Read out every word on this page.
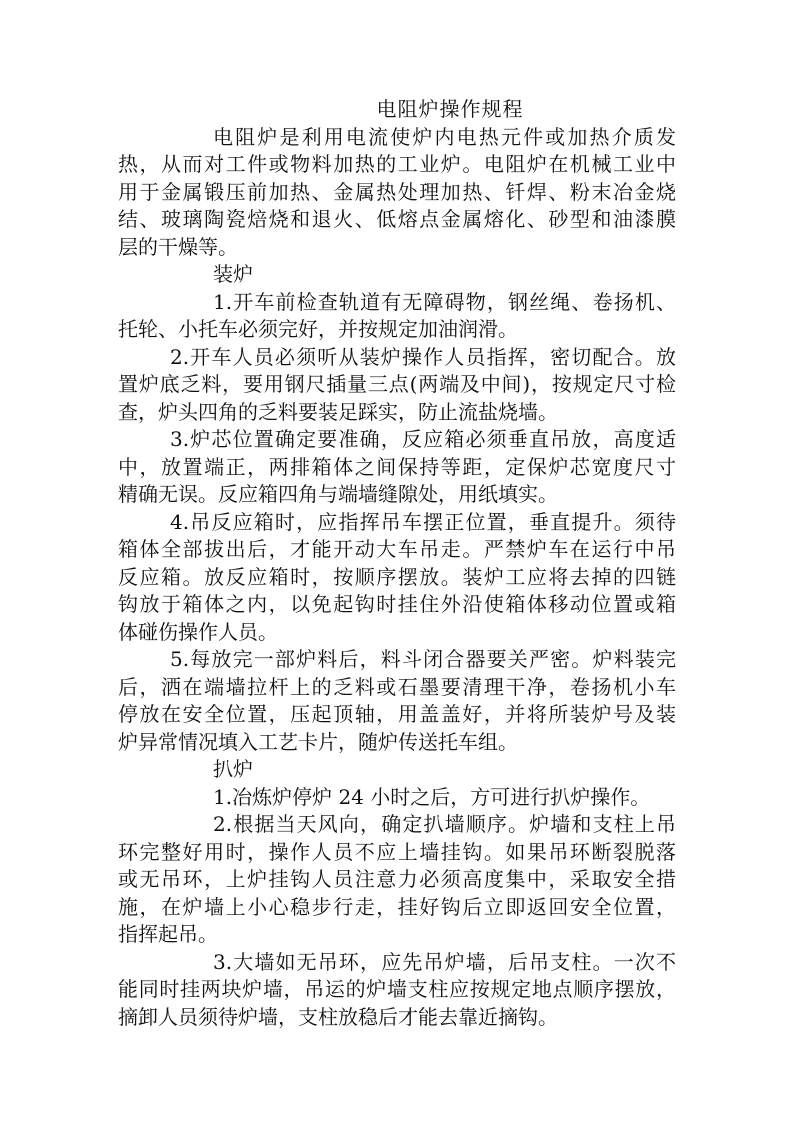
电阻炉操作规程
电阻炉是利用电流使炉内电热元件或加热介质发
热，从而对工件或物料加热的工业炉。电阻炉在机械工业中
用于金属锻压前加热、金属热处理加热、钎焊、粉末冶金烧
结、玻璃陶瓷焙烧和退火、低熔点金属熔化、砂型和油漆膜
层的干燥等。
装炉
1.开车前检查轨道有无障碍物，钢丝绳、卷扬机、
托轮、小托车必须完好，并按规定加油润滑。
2.开车人员必须听从装炉操作人员指挥，密切配合。放
置炉底乏料，要用钢尺插量三点(两端及中间)，按规定尺寸检
查，炉头四角的乏料要装足踩实，防止流盐烧墙。
3.炉芯位置确定要准确，反应箱必须垂直吊放，高度适
中，放置端正，两排箱体之间保持等距，定保炉芯宽度尺寸
精确无误。反应箱四角与端墙缝隙处，用纸填实。
4.吊反应箱时，应指挥吊车摆正位置，垂直提升。须待
箱体全部拔出后，才能开动大车吊走。严禁炉车在运行中吊
反应箱。放反应箱时，按顺序摆放。装炉工应将去掉的四链
钩放于箱体之内，以免起钩时挂住外沿使箱体移动位置或箱
体碰伤操作人员。
5.每放完一部炉料后，料斗闭合器要关严密。炉料装完
后，洒在端墙拉杆上的乏料或石墨要清理干净，卷扬机小车
停放在安全位置，压起顶轴，用盖盖好，并将所装炉号及装
炉异常情况填入工艺卡片，随炉传送托车组。
扒炉
1.冶炼炉停炉 24 小时之后，方可进行扒炉操作。
2.根据当天风向，确定扒墙顺序。炉墙和支柱上吊
环完整好用时，操作人员不应上墙挂钩。如果吊环断裂脱落
或无吊环，上炉挂钩人员注意力必须高度集中，采取安全措
施，在炉墙上小心稳步行走，挂好钩后立即返回安全位置，
指挥起吊。
3.大墙如无吊环，应先吊炉墙，后吊支柱。一次不
能同时挂两块炉墙，吊运的炉墙支柱应按规定地点顺序摆放，
摘卸人员须待炉墙，支柱放稳后才能去靠近摘钩。
